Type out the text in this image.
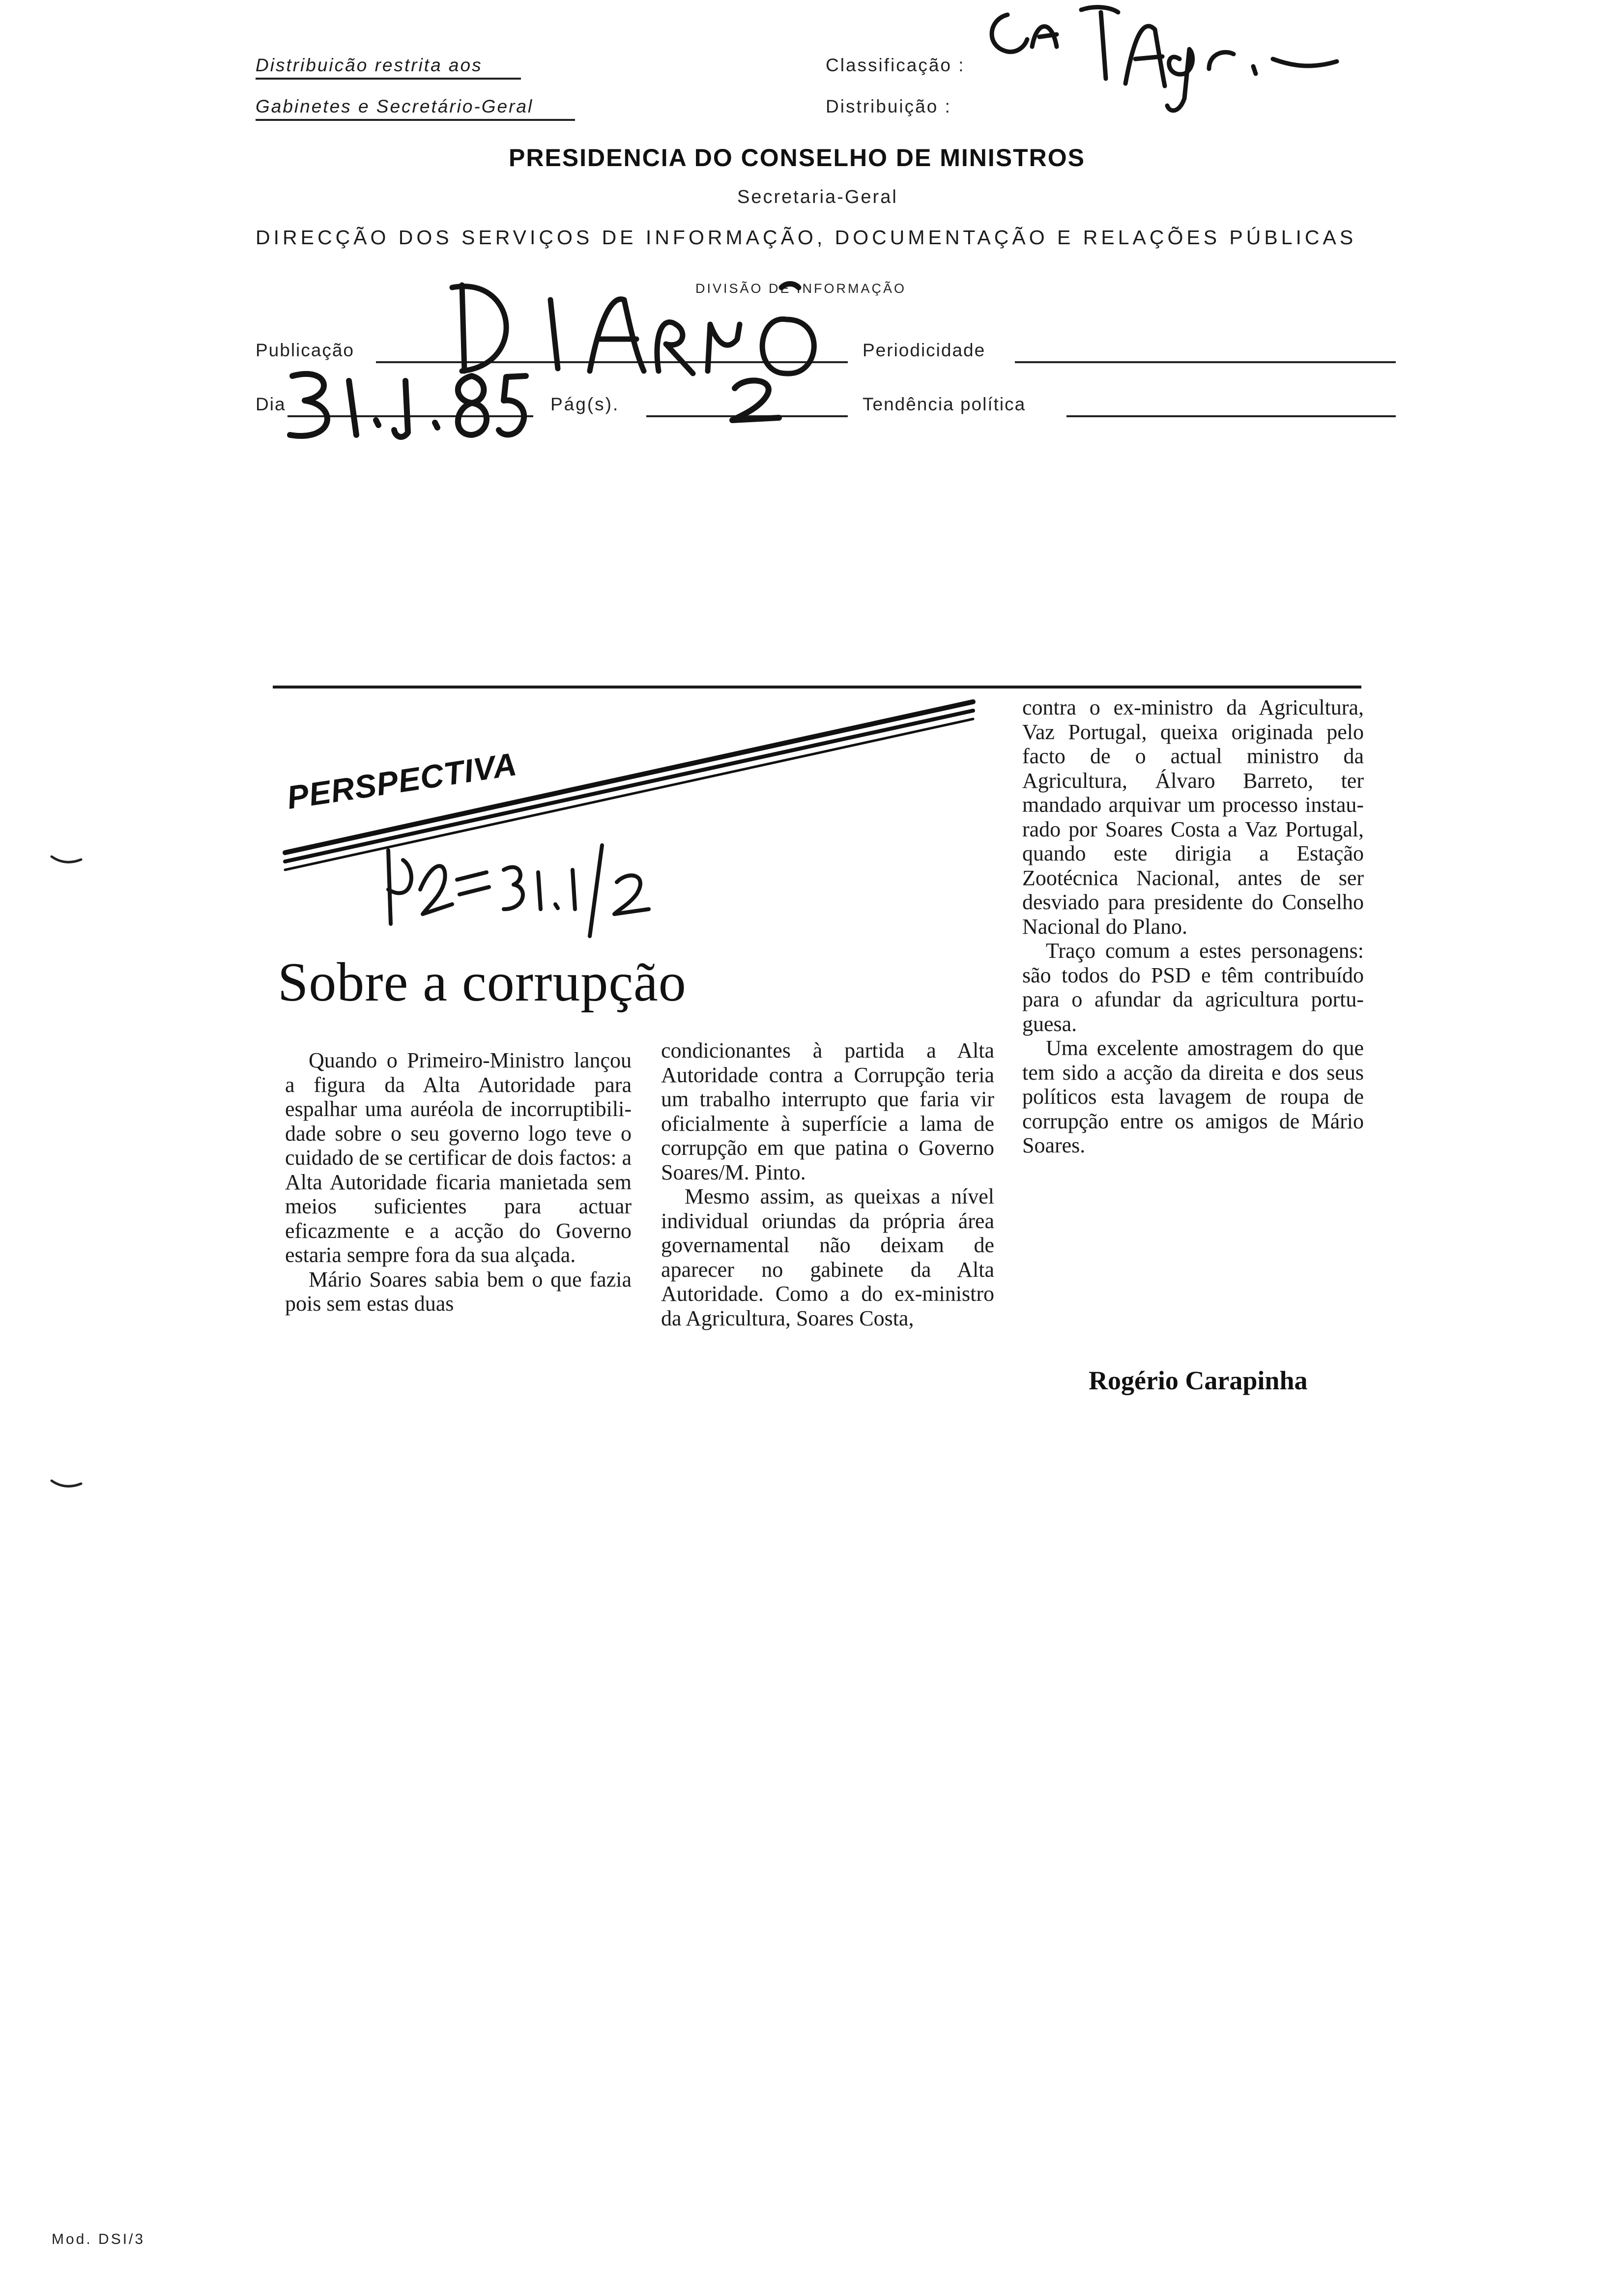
Distribuicão restrita aos
Gabinetes e Secretário-Geral
Classificação :
Distribuição :
PRESIDENCIA DO CONSELHO DE MINISTROS
Secretaria-Geral
DIRECÇÃO DOS SERVIÇOS DE INFORMAÇÃO, DOCUMENTAÇÃO E RELAÇÕES PÚBLICAS
DIVISÃO DE INFORMAÇÃO
Publicação	Periodicidade
Dia	Pág(s).	Tendência política
PERSPECTIVA
Sobre a corrupção

Quando o Primeiro-Ministro lançou a figura da Alta Autoridade para espalhar uma auréola de incorruptibilidade sobre o seu governo logo teve o cuidado de se certificar de dois factos: a Alta Autoridade ficaria manietada sem meios suficientes para actuar eficazmente e a acção do Governo estaria sempre fora da sua alçada.

Mário Soares sabia bem o que fazia pois sem estas duas

condicionantes à partida a Alta Autoridade contra a Corrupção teria um trabalho interrupto que faria vir oficialmente à superfície a lama de corrupção em que patina o Governo Soares/M. Pinto.

Mesmo assim, as queixas a nível individual oriundas da própria área governamental não deixam de aparecer no gabinete da Alta Autoridade. Como a do ex-ministro da Agricultura, Soares Costa,

contra o ex-ministro da Agricultura, Vaz Portugal, queixa originada pelo facto de o actual ministro da Agricultura, Álvaro Barreto, ter mandado arquivar um processo instaurado por Soares Costa a Vaz Portugal, quando este dirigia a Estação Zootécnica Nacional, antes de ser desviado para presidente do Conselho Nacional do Plano.

Traço comum a estes personagens: são todos do PSD e têm contribuído para o afundar da agricultura portuguesa.

Uma excelente amostragem do que tem sido a acção da direita e dos seus políticos esta lavagem de roupa de corrupção entre os amigos de Mário Soares.

Rogério Carapinha
Mod. DSI/3
